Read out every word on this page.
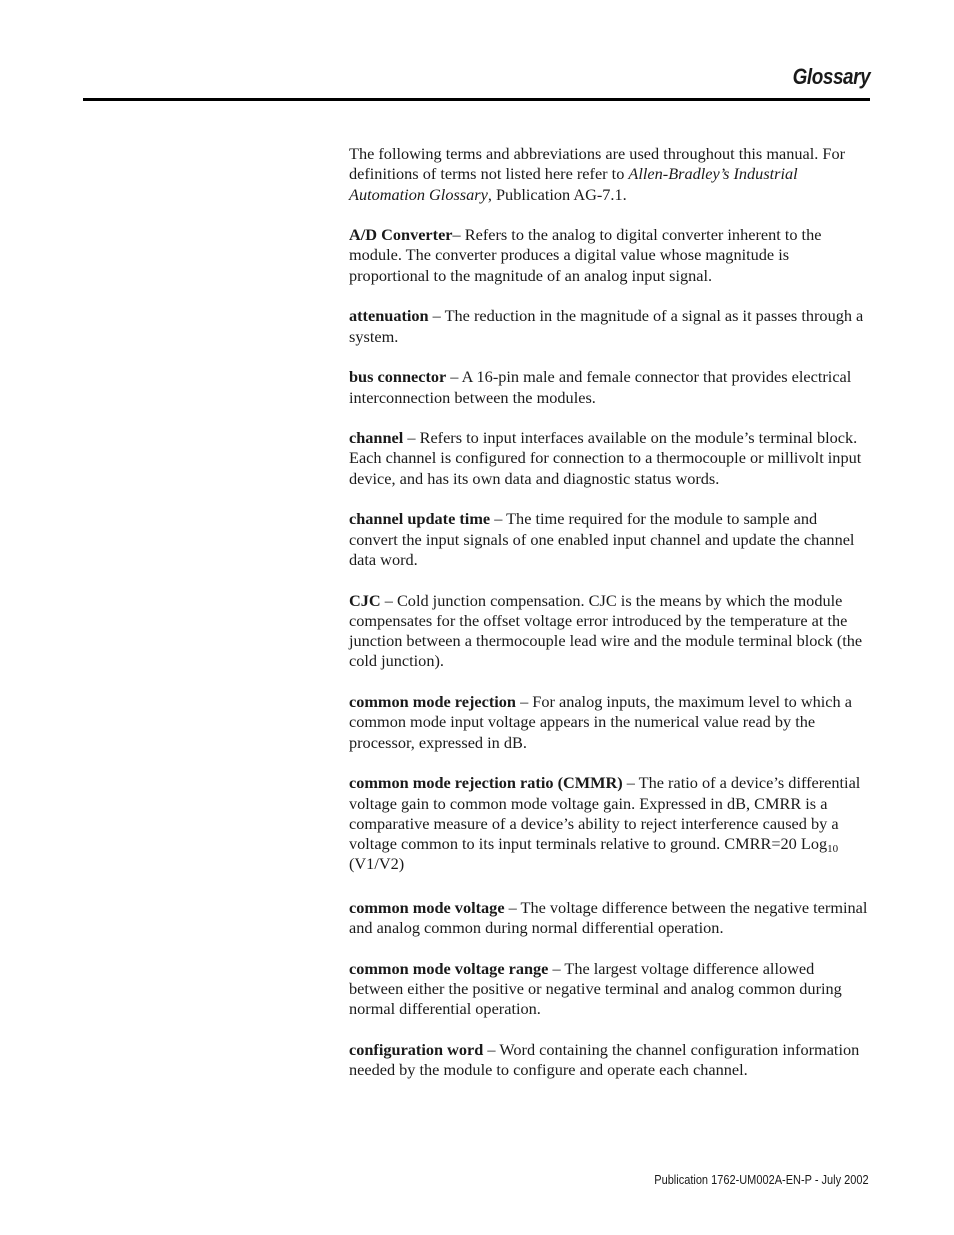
Glossary

The following terms and abbreviations are used throughout this manual. For definitions of terms not listed here refer to Allen-Bradley’s Industrial Automation Glossary, Publication AG-7.1.

A/D Converter– Refers to the analog to digital converter inherent to the module. The converter produces a digital value whose magnitude is proportional to the magnitude of an analog input signal.

attenuation – The reduction in the magnitude of a signal as it passes through a system.

bus connector – A 16-pin male and female connector that provides electrical interconnection between the modules.

channel – Refers to input interfaces available on the module’s terminal block. Each channel is configured for connection to a thermocouple or millivolt input device, and has its own data and diagnostic status words.

channel update time – The time required for the module to sample and convert the input signals of one enabled input channel and update the channel data word.

CJC – Cold junction compensation. CJC is the means by which the module compensates for the offset voltage error introduced by the temperature at the junction between a thermocouple lead wire and the module terminal block (the cold junction).

common mode rejection – For analog inputs, the maximum level to which a common mode input voltage appears in the numerical value read by the processor, expressed in dB.

common mode rejection ratio (CMMR) – The ratio of a device’s differential voltage gain to common mode voltage gain. Expressed in dB, CMRR is a comparative measure of a device’s ability to reject interference caused by a voltage common to its input terminals relative to ground. CMRR=20 Log$_{10}$ (V1/V2)

common mode voltage – The voltage difference between the negative terminal and analog common during normal differential operation.

common mode voltage range – The largest voltage difference allowed between either the positive or negative terminal and analog common during normal differential operation.

configuration word – Word containing the channel configuration information needed by the module to configure and operate each channel.

Publication 1762-UM002A-EN-P - July 2002
